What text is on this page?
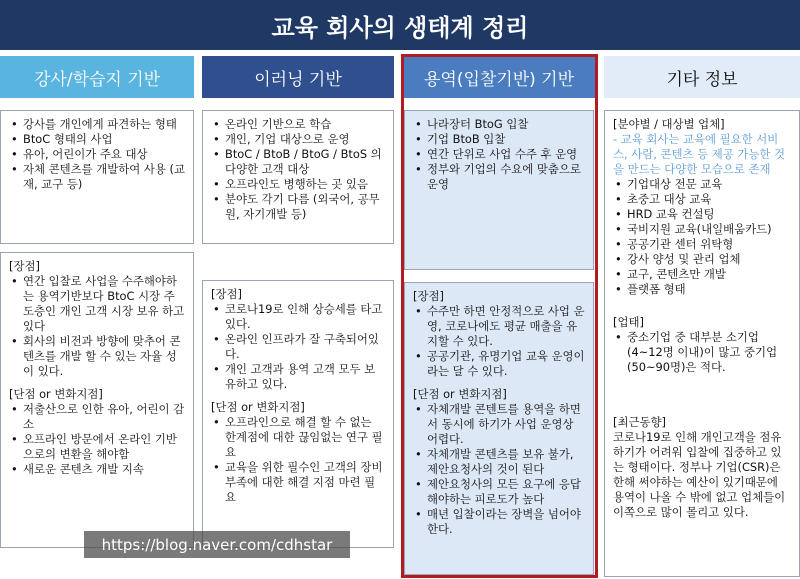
교육 회사의 생태계 정리
강사/학습지 기반	이러닝 기반	용역(입찰기반) 기반	기타 정보
• 강사를 개인에게 파견하는 형태
• BtoC 형태의 사업
• 유아, 어린이가 주요 대상
• 자체 콘텐츠를 개발하여 사용 (교재, 교구 등)
[장점]
• 연간 입찰로 사업을 수주해야하는 용역기반보다 BtoC 시장 주도층인 개인 고객 시장 보유 하고 있다
• 회사의 비전과 방향에 맞추어 콘텐츠를 개발 할 수 있는 자율 성이 있다.
[단점 or 변화지점]
• 저출산으로 인한 유아, 어린이 감소
• 오프라인 방문에서 온라인 기반으로의 변환을 해야함
• 새로운 콘텐츠 개발 지속
• 온라인 기반으로 학습
• 개인, 기업 대상으로 운영
• BtoC / BtoB / BtoG / BtoS 의 다양한 고객 대상
• 오프라인도 병행하는 곳 있음
• 분야도 각기 다름 (외국어, 공무원, 자기개발 등)
[장점]
• 코로나19로 인해 상승세를 타고 있다.
• 온라인 인프라가 잘 구축되어있다.
• 개인 고객과 용역 고객 모두 보유하고 있다.
[단점 or 변화지점]
• 오프라인으로 해결 할 수 없는 한계점에 대한 끊임없는 연구 필요
• 교육을 위한 필수인 고객의 장비 부족에 대한 해결 지점 마련 필요
• 나라장터 BtoG 입찰
• 기업 BtoB 입찰
• 연간 단위로 사업 수주 후 운영
• 정부와 기업의 수요에 맞춤으로 운영
[장점]
• 수주만 하면 안정적으로 사업 운영, 코로나에도 평균 매출을 유지할 수 있다.
• 공공기관, 유명기업 교육 운영이라는 달 수 있다.
[단점 or 변화지점]
• 자체개발 콘텐트를 용역을 하면서 동시에 하기가 사업 운영상 어렵다.
• 자체개발 콘텐츠를 보유 불가, 제안요청사의 것이 된다
• 제안요청사의 모든 요구에 응답해야하는 피로도가 높다
• 매년 입찰이라는 장벽을 넘어야한다.
[분야별 / 대상별 업체]
- 교육 회사는 교육에 필요한 서비스, 사람, 콘텐츠 등 제공 가능한 것을 만드는 다양한 모습으로 존재
• 기업대상 전문 교육
• 초중고 대상 교육
• HRD 교육 컨설팅
• 국비지원 교육(내일배움카드)
• 공공기관 센터 위탁형
• 강사 양성 및 관리 업체
• 교구, 콘텐츠만 개발
• 플랫폼 형태
[업태]
• 중소기업 중 대부분 소기업 (4~12명 이내)이 많고 중기업(50~90명)은 적다.
[최근동향]
코로나19로 인해 개인고객을 점유하기가 어려워 입찰에 집중하고 있는 형태이다. 정부나 기업(CSR)은 한해 써야하는 예산이 있기때문에 용역이 나올 수 밖에 없고 업체들이 이쪽으로 많이 몰리고 있다.
https://blog.naver.com/cdhstar
